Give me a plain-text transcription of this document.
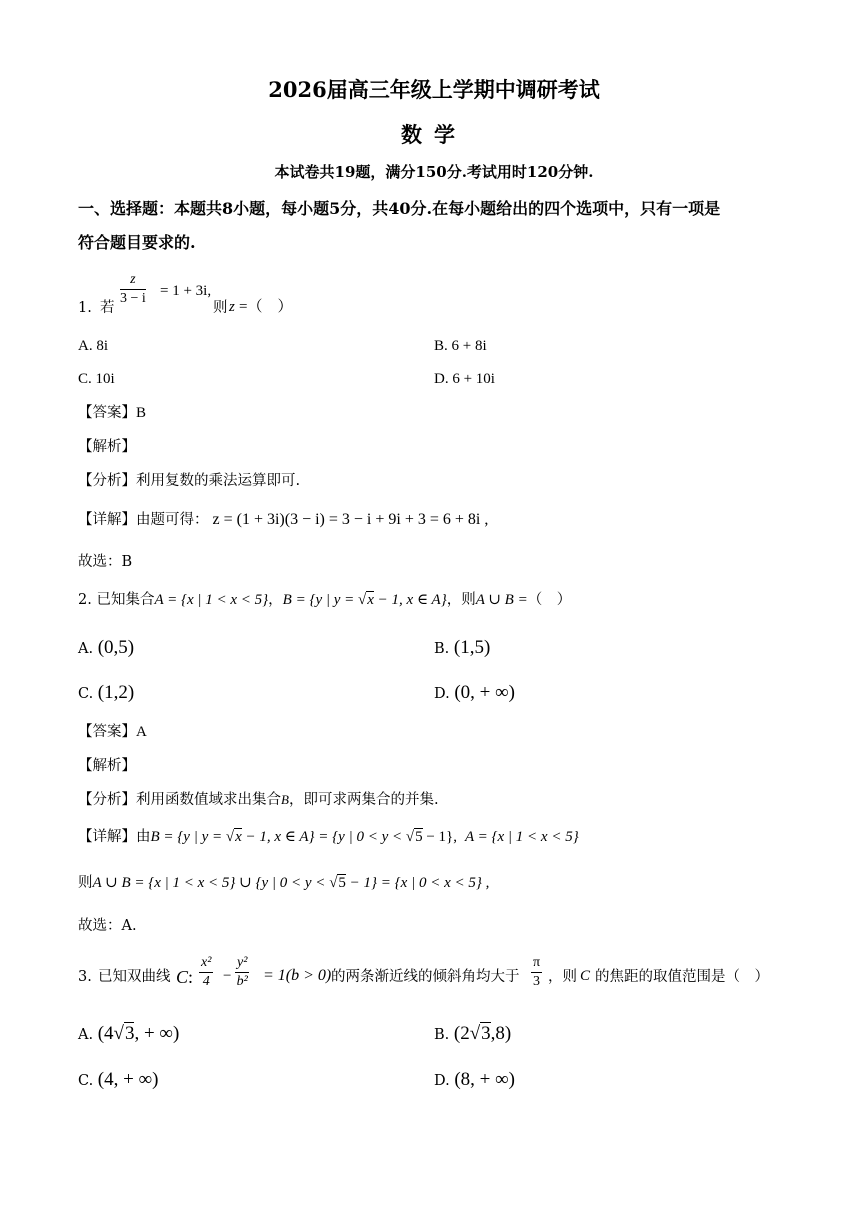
2026届高三年级上学期中调研考试
数学
本试卷共19题，满分150分.考试用时120分钟.
一、选择题：本题共8小题，每小题5分，共40分.在每小题给出的四个选项中，只有一项是
符合题目要求的.
1. 若
$\frac{z}{3 - i} = 1 + 3i$,
则 z =（　）
A. 8i	B. 6 + 8i
C. 10i	D. 6 + 10i
【答案】B
【解析】
【分析】利用复数的乘法运算即可.
【详解】由题可得： z = (1 + 3i)(3 − i) = 3 − i + 9i + 3 = 6 + 8i ,
故选：B
2. 已知集合A = {x | 1 < x < 5}，B = {y | y = √x − 1, x ∈ A}，则A ∪ B =（　）
A. (0,5)	B. (1,5)
C. (1,2)	D. (0, + ∞)
【答案】A
【解析】
【分析】利用函数值域求出集合B，即可求两集合的并集.
【详解】由B = {y | y = √x − 1, x ∈ A} = {y | 0 < y < √5 − 1}, A = {x | 1 < x < 5}
则A ∪ B = {x | 1 < x < 5} ∪ {y | 0 < y < √5 − 1} = {x | 0 < x < 5} ,
故选：A.
3. 已知双曲线 C : $\frac{\text{x²}}{4} - \frac{\text{y²}}{\text{b²}} = 1(b > 0)$ 的两条渐近线的倾斜角均大于 $\frac{\pi}{3}$ ，则 C 的焦距的取值范围是（　）
A. (4√3, + ∞)	B. (2√3,8)
C. (4, + ∞)	D. (8, + ∞)
